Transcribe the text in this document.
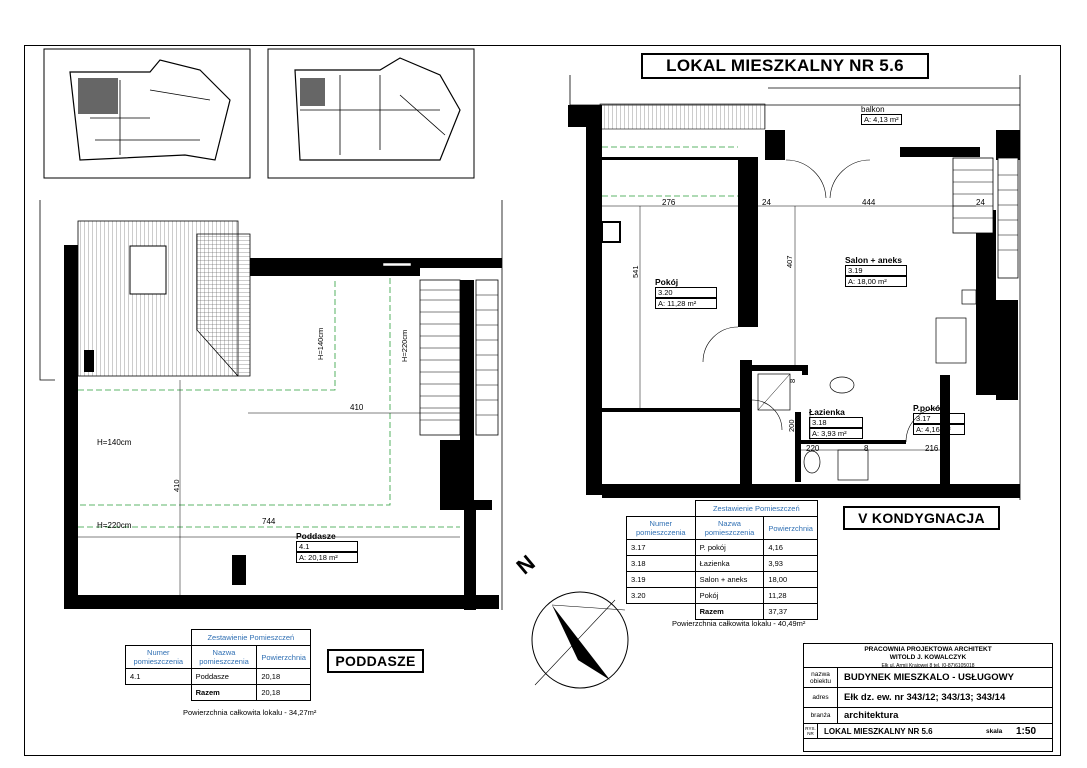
LOKAL MIESZKALNY NR 5.6
V KONDYGNACJA
PODDASZE
N
balkon
A: 4,13 m²
Salon + aneks
3.19
A: 18,00 m²
Pokój
3.20
A: 11,28 m²
Łazienka
3.18
A: 3,93 m²
P.pokój
3.17
A: 4,16 m²
276	24	444	24
541
407
8
200
220	8	216
Poddasze
4.1
A: 20,18 m²
H=140cm	H=220cm
410
H=140cm
410
H=220cm	744
	Zestawienie Pomieszczeń	
Numer pomieszczenia	Nazwa pomieszczenia	Powierzchnia
3.17	P. pokój	4,16
3.18	Łazienka	3,93
3.19	Salon + aneks	18,00
3.20	Pokój	11,28
	Razem	37,37
Powierzchnia całkowita lokalu - 40,49m²
	Zestawienie Pomieszczeń	
Numer pomieszczenia	Nazwa pomieszczenia	Powierzchnia
4.1	Poddasze	20,18
	Razem	20,18
Powierzchnia całkowita lokalu - 34,27m²
PRACOWNIA PROJEKTOWA ARCHITEKT
WITOLD J. KOWALCZYK
Ełk ul. Armii Krajowej 8 tel. (0-87)6105018
nazwa obiektu	BUDYNEK MIESZKALO - USŁUGOWY
adres	Ełk dz. ew. nr 343/12; 343/13; 343/14
branża	architektura
RYS. NR	LOKAL MIESZKALNY NR 5.6	skala 1:50
